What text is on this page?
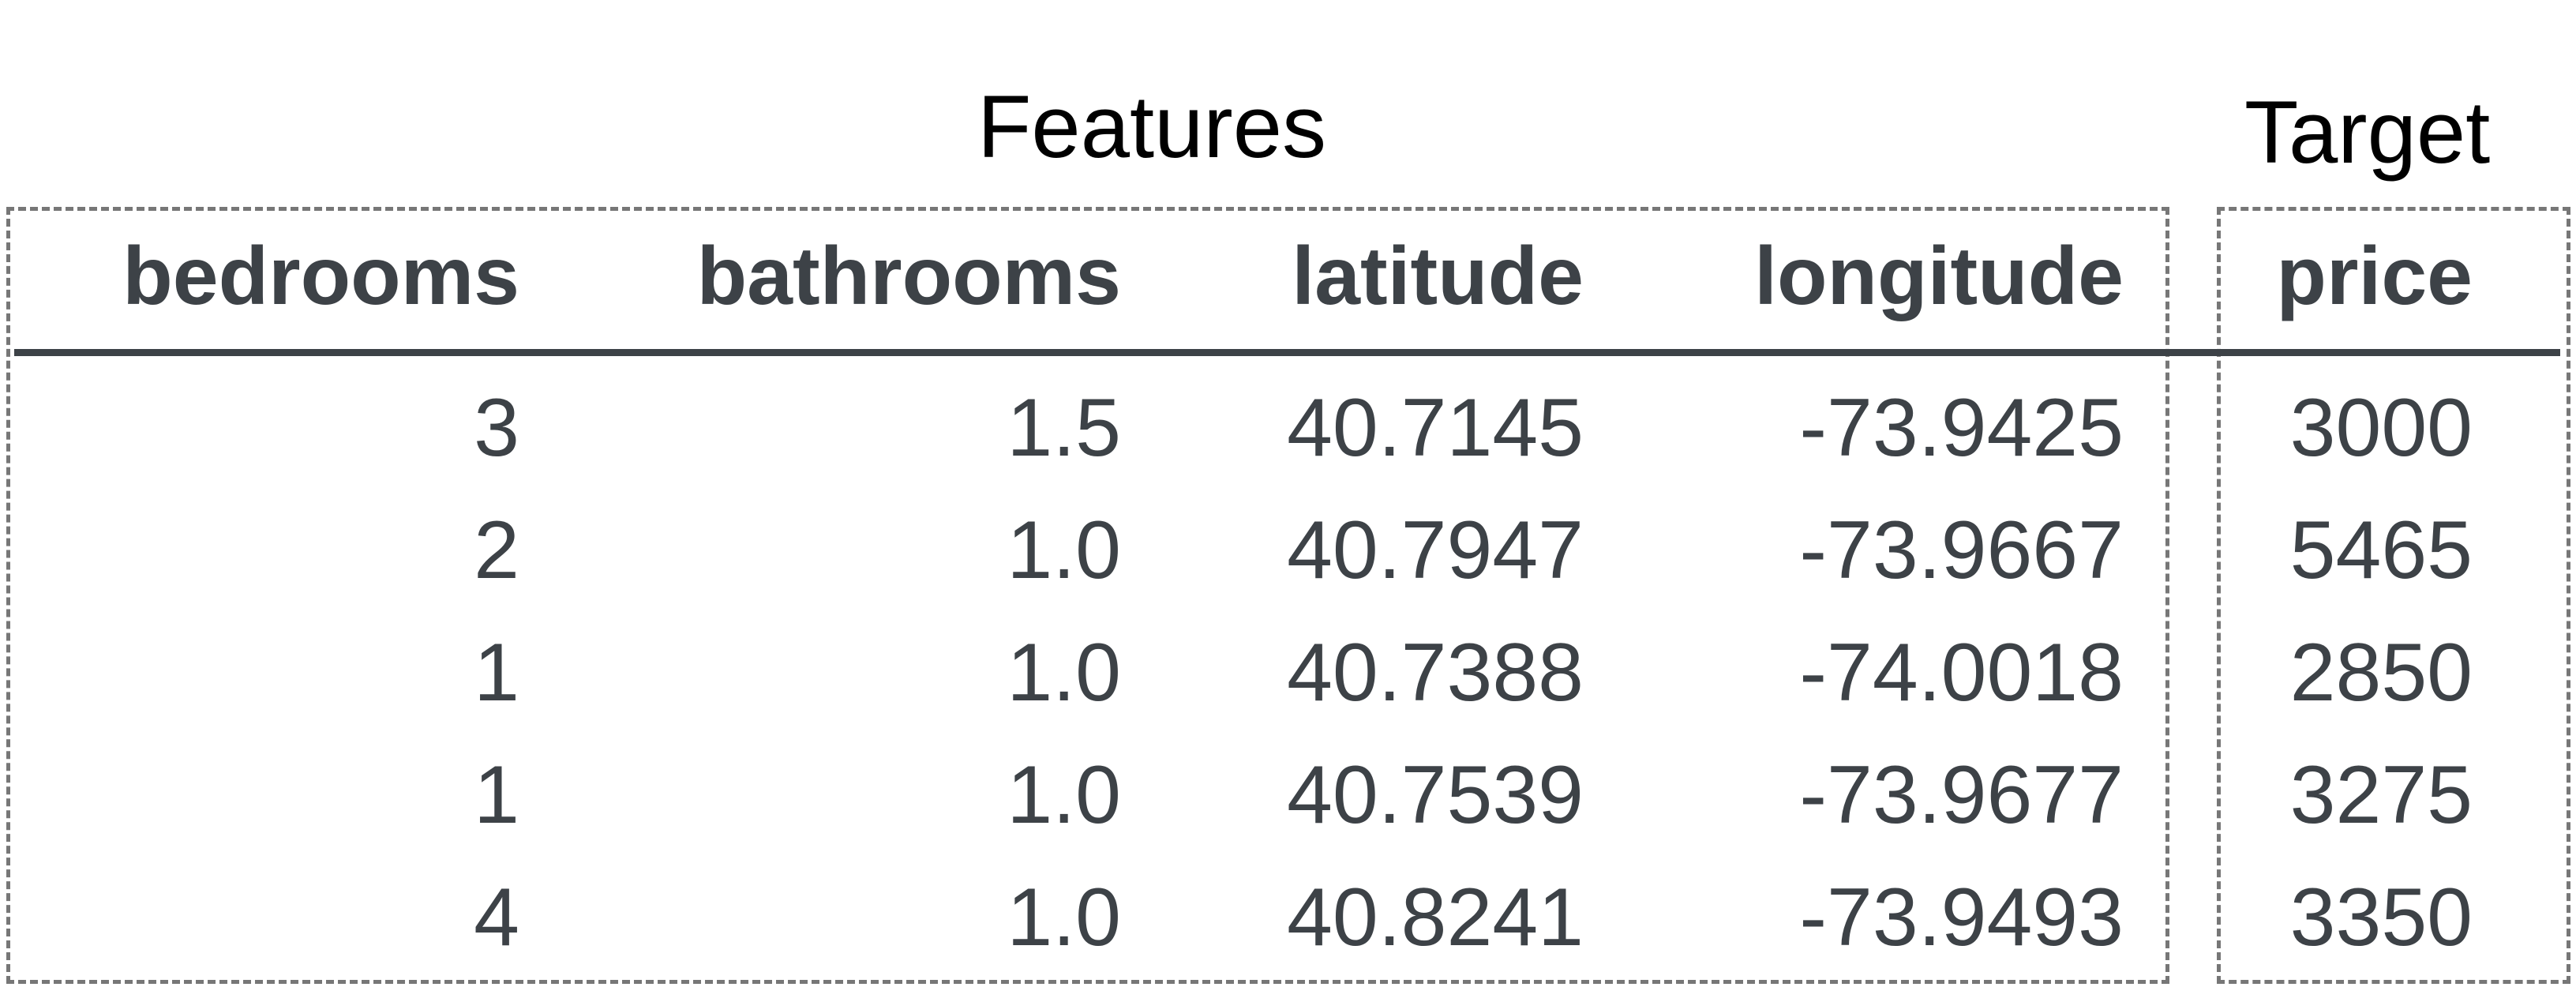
Features	Target
bedrooms bathrooms latitude longitude price
3	1.5 40.7145	-73.9425 3000
2	1.0 40.7947	-73.9667 5465
1	1.0 40.7388	-74.0018 2850
1	1.0 40.7539	-73.9677 3275
4	1.0 40.8241	-73.9493 3350
